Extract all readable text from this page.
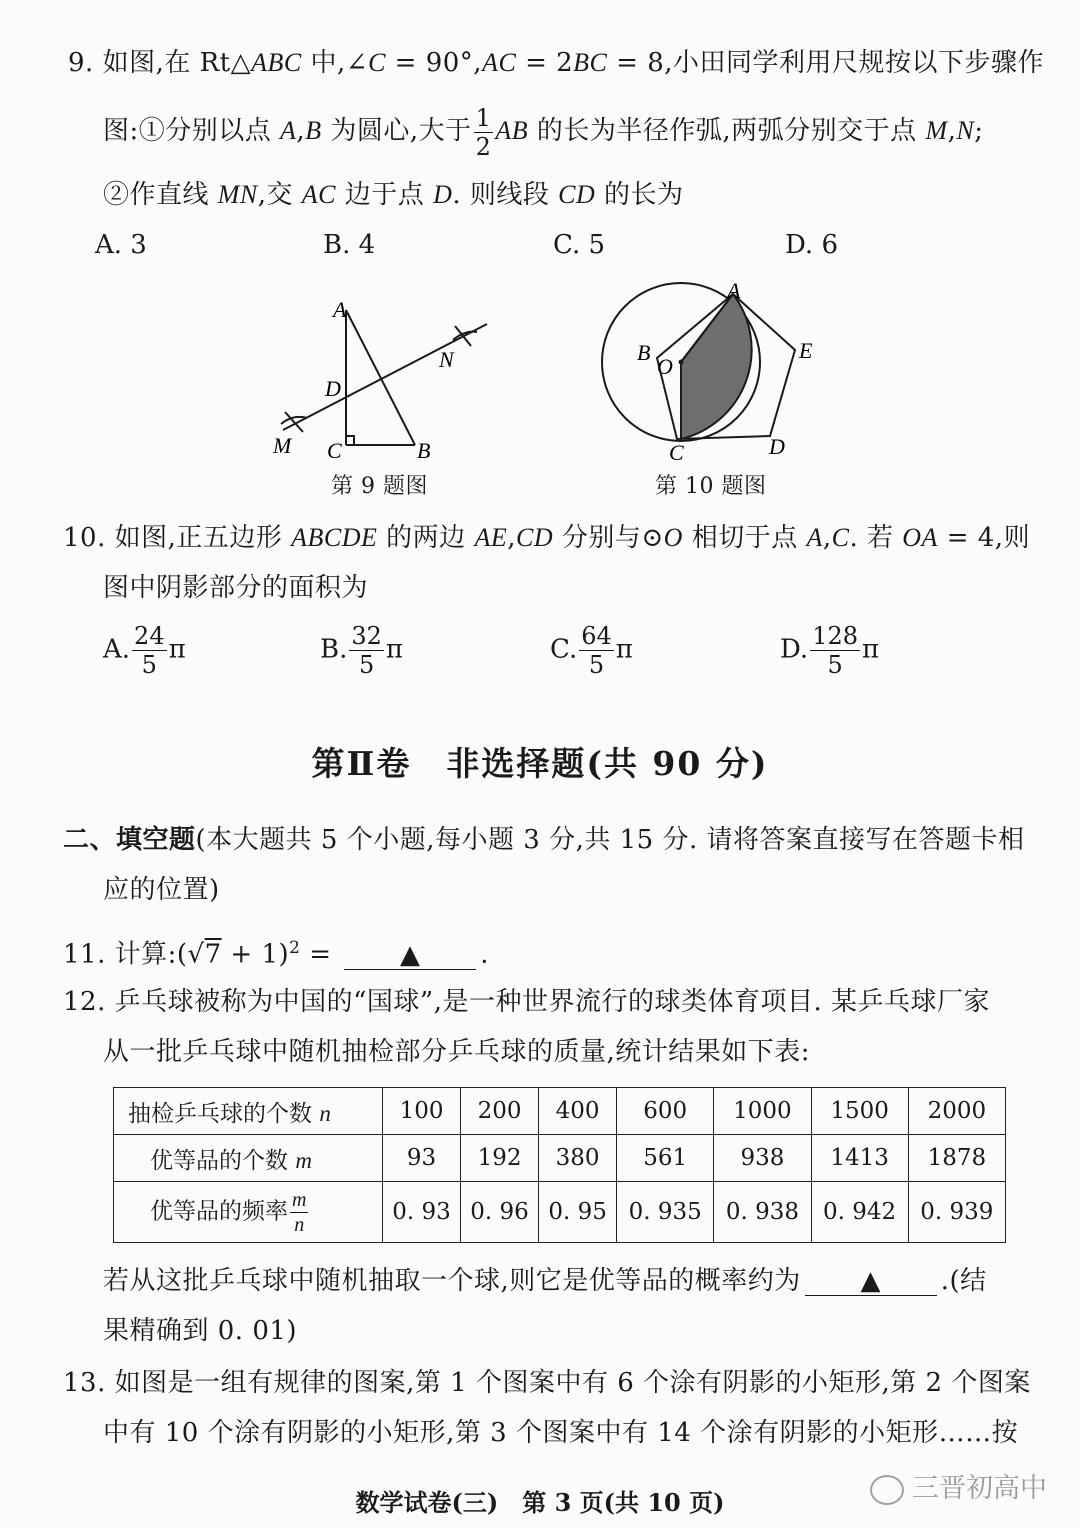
9. 如图,在 Rt△ABC 中,∠C = 90°,AC = 2BC = 8,小田同学利用尺规按以下步骤作
图:①分别以点 A,B 为圆心,大于 $\frac{1}{2}$ AB 的长为半径作弧,两弧分别交于点 M,N;
②作直线 MN,交 AC 边于点 D. 则线段 CD 的长为
A. 3	B. 4	C. 5	D. 6
A
D
N
M C	B
第 9 题图
A
B
O
E
C	D
第 10 题图
10. 如图,正五边形 ABCDE 的两边 AE,CD 分别与⊙O 相切于点 A,C. 若 OA = 4,则
图中阴影部分的面积为
A. $\frac{24}{5}$ π	B. $\frac{32}{5}$ π	C. $\frac{64}{5}$ π	D. $\frac{128}{5}$ π
第Ⅱ卷　非选择题(共 90 分)
二、填空题(本大题共 5 个小题,每小题 3 分,共 15 分. 请将答案直接写在答题卡相
应的位置)
11. 计算:(√7 + 1)$^2$ = ▲ .
12. 乒乓球被称为中国的“国球”,是一种世界流行的球类体育项目. 某乒乓球厂家
从一批乒乓球中随机抽检部分乒乓球的质量,统计结果如下表:
抽检乒乓球的个数 n	100	200	400	600	1000	1500	2000
优等品的个数 m	93	192	380	561	938	1413	1878
优等品的频率 $\frac{m}{n}$	0. 93	0. 96	0. 95	0. 935	0. 938	0. 942	0. 939
若从这批乒乓球中随机抽取一个球,则它是优等品的概率约为 ▲ .(结
果精确到 0. 01)
13. 如图是一组有规律的图案,第 1 个图案中有 6 个涂有阴影的小矩形,第 2 个图案
中有 10 个涂有阴影的小矩形,第 3 个图案中有 14 个涂有阴影的小矩形……按
数学试卷(三)　第 3 页(共 10 页)	三晋初高中
